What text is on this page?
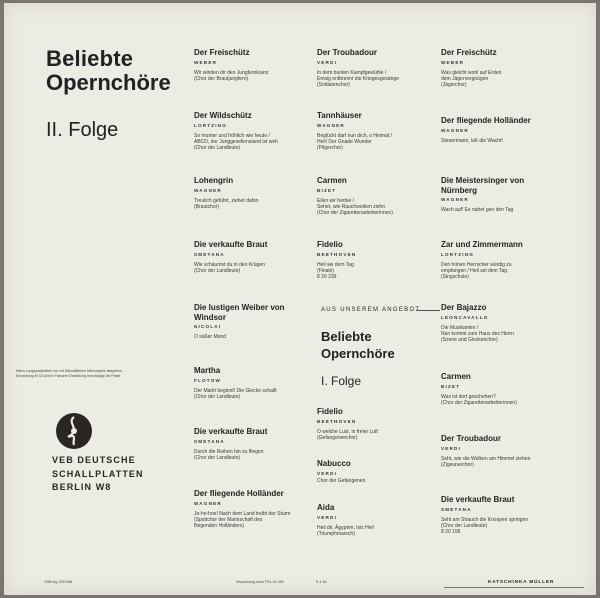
Beliebte
Opernchöre
II. Folge
Mikro-Langspielplatten nur mit Mikrofilitelem Mikrosaphir abspielen, Einstellung M 33 U/min! Falsche Einstellung beschädigt die Platte.
VEB DEUTSCHE
SCHALLPLATTEN
BERLIN W8
Der Freischütz
WEBER
Wir winden dir den Jungfernkranz
(Chor der Brautjungfern)
Der Wildschütz
LORTZING
So munter und fröhlich wie heute /
ABCD, der Junggesellenstand ist weh
(Chor der Landleute)
Lohengrin
WAGNER
Treulich geführt, ziehet dahin
(Brautchor)
Die verkaufte Braut
SMETANA
Wie schäumst du in den Krügen
(Chor der Landleute)
Die lustigen Weiber von Windsor
NICOLAI
O süßer Mond
Martha
FLOTOW
Der Markt beginnt! Die Glocke schallt
(Chor der Landleute)
Die verkaufte Braut
SMETANA
Durch die Reihen hin zu fliegen
(Chor der Landleute)
Der fliegende Holländer
WAGNER
Jo-ho-hoe! Nach dem Land treibt der Sturm
(Spottchor der Mannschaft des
fliegenden Holländers)
Der Troubadour
VERDI
In dem bunten Kampfgewühle /
Emsig entbrennt die Kriegesgesänge
(Soldatenchor)
Tannhäuser
WAGNER
Beglückt darf nun dich, o Heimat /
Heil! Der Gnade Wunder
(Pilgerchor)
Carmen
BIZET
Eilen wir herbei /
Sehet, wie Rauchwolken ziehn
(Chor der Zigarettenarbeiterinnen)
Fidelio
BEETHOVEN
Heil sei dem Tag
(Finale)
8 20 239
AUS UNSEREM ANGEBOT
Beliebte
Opernchöre
I. Folge
Fidelio
BEETHOVEN
O welche Lust, in freier Luft
(Gefangenenchor)
Nabucco
VERDI
Chor der Gefangenen
Aida
VERDI
Heil dir, Ägypten, Isis Heil
(Triumphmarsch)
Der Freischütz
WEBER
Was gleicht wohl auf Erden
dem Jägervergnügen
(Jägerchor)
Der fliegende Holländer
WAGNER
Steuermann, laß die Wacht!
Die Meistersinger von Nürnberg
WAGNER
Wach auf! Es nahet gen den Tag
Zar und Zimmermann
LORTZING
Den hohen Herrscher würdig zu
empfangen / Heil sei dem Tag
(Singschule)
Der Bajazzo
LEONCAVALLO
Die Musikanten /
Nun kommt zum Haus des Herrn
(Szene und Glockenchor)
Carmen
BIZET
Was ist dort geschehen?
(Chor der Zigarettenarbeiterinnen)
Der Troubadour
VERDI
Seht, wie die Wolken am Himmel ziehen
(Zigeunerchor)
Die verkaufte Braut
SMETANA
Seht am Strauch die Knospen springen
(Chor der Landleute)
8 20 195
1089 Ag 133/1/68	Verpackung nach TGL 10-469	E 4-60	KATSCHINKA MÜLLER
